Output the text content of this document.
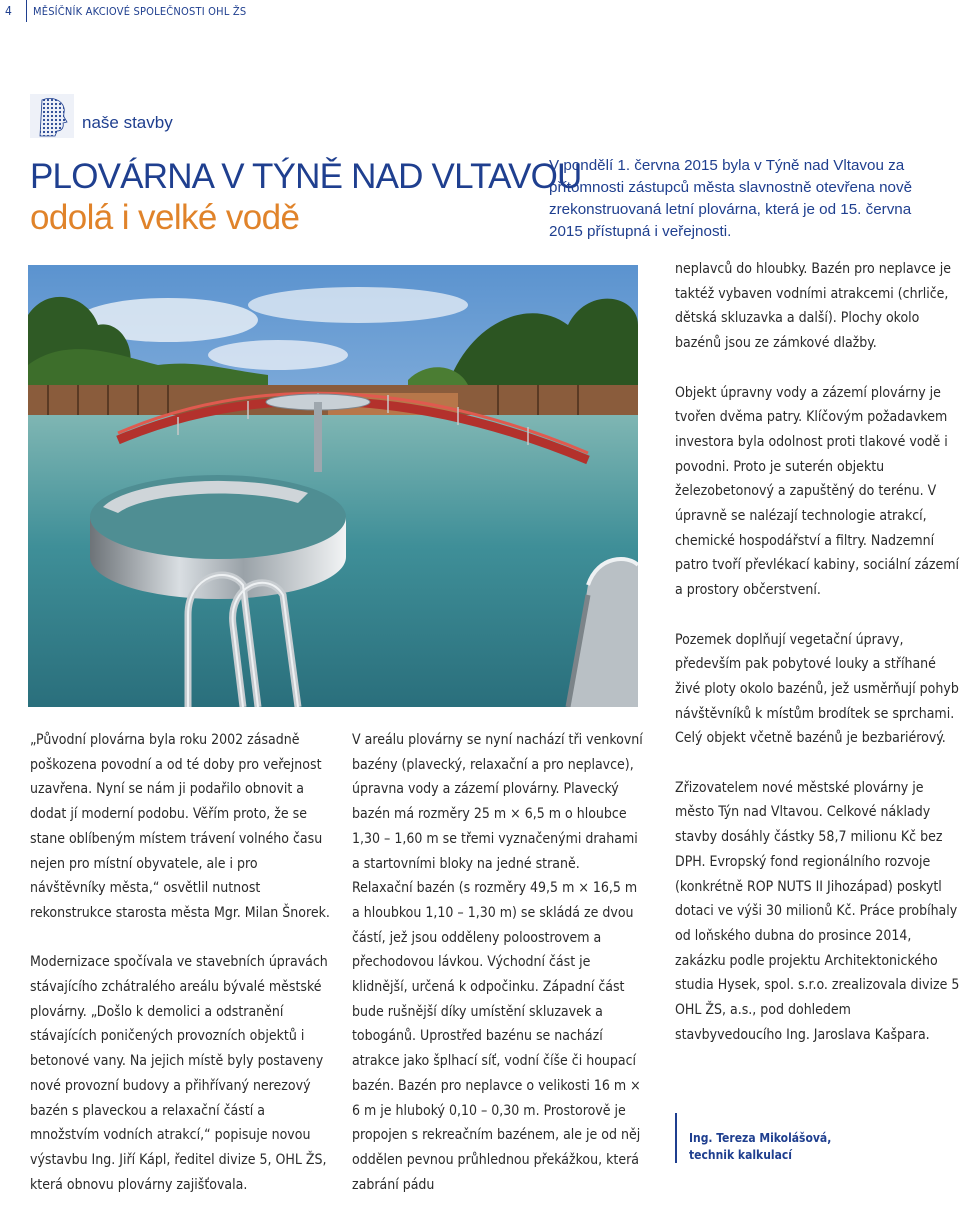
4 MĚSÍČNÍK AKCIOVÉ SPOLEČNOSTI OHL ŽS
naše stavby
PLOVÁRNA V TÝNĚ NAD VLTAVOU
odolá i velké vodě
V pondělí 1. června 2015 byla v Týně nad Vltavou za přítomnosti zástupců města slavnostně otevřena nově zrekonstruovaná letní plovárna, která je od 15. června 2015 přístupná i veřejnosti.

„Původní plovárna byla roku 2002 zásadně poškozena povodní a od té doby pro veřejnost uzavřena. Nyní se nám ji podařilo obnovit a dodat jí moderní podobu. Věřím proto, že se stane oblíbeným místem trávení volného času nejen pro místní obyvatele, ale i pro návštěvníky města,“ osvětlil nutnost rekonstrukce starosta města Mgr. Milan Šnorek.

Modernizace spočívala ve stavebních úpravách stávajícího zchátralého areálu bývalé městské plovárny. „Došlo k demolici a odstranění stávajících poničených provozních objektů i betonové vany. Na jejich místě byly postaveny nové provozní budovy a přihřívaný nerezový bazén s plaveckou a relaxační částí a množstvím vodních atrakcí,“ popisuje novou výstavbu Ing. Jiří Kápl, ředitel divize 5, OHL ŽS, která obnovu plovárny zajišťovala.

V areálu plovárny se nyní nachází tři venkovní bazény (plavecký, relaxační a pro neplavce), úpravna vody a zázemí plovárny. Plavecký bazén má rozměry 25 m × 6,5 m o hloubce 1,30 – 1,60 m se třemi vyznačenými drahami a startovními bloky na jedné straně. Relaxační bazén (s rozměry 49,5 m × 16,5 m a hloubkou 1,10 – 1,30 m) se skládá ze dvou částí, jež jsou odděleny poloostrovem a přechodovou lávkou. Východní část je klidnější, určená k odpočinku. Západní část bude rušnější díky umístění skluzavek a tobogánů. Uprostřed bazénu se nachází atrakce jako šplhací síť, vodní číše či houpací bazén. Bazén pro neplavce o velikosti 16 m × 6 m je hluboký 0,10 – 0,30 m. Prostorově je propojen s rekreačním bazénem, ale je od něj oddělen pevnou průhlednou překážkou, která zabrání pádu

neplavců do hloubky. Bazén pro neplavce je taktéž vybaven vodními atrakcemi (chrliče, dětská skluzavka a další). Plochy okolo bazénů jsou ze zámkové dlažby.

Objekt úpravny vody a zázemí plovárny je tvořen dvěma patry. Klíčovým požadavkem investora byla odolnost proti tlakové vodě i povodni. Proto je suterén objektu železobetonový a zapuštěný do terénu. V úpravně se nalézají technologie atrakcí, chemické hospodářství a filtry. Nadzemní patro tvoří převlékací kabiny, sociální zázemí a prostory občerstvení.

Pozemek doplňují vegetační úpravy, především pak pobytové louky a stříhané živé ploty okolo bazénů, jež usměrňují pohyb návštěvníků k místům brodítek se sprchami. Celý objekt včetně bazénů je bezbariérový.

Zřizovatelem nové městské plovárny je město Týn nad Vltavou. Celkové náklady stavby dosáhly částky 58,7 milionu Kč bez DPH. Evropský fond regionálního rozvoje (konkrétně ROP NUTS II Jihozápad) poskytl dotaci ve výši 30 milionů Kč. Práce probíhaly od loňského dubna do prosince 2014, zakázku podle projektu Architektonického studia Hysek, spol. s.r.o. zrealizovala divize 5 OHL ŽS, a.s., pod dohledem stavbyvedoucího Ing. Jaroslava Kašpara.

Ing. Tereza Mikolášová,
technik kalkulací
